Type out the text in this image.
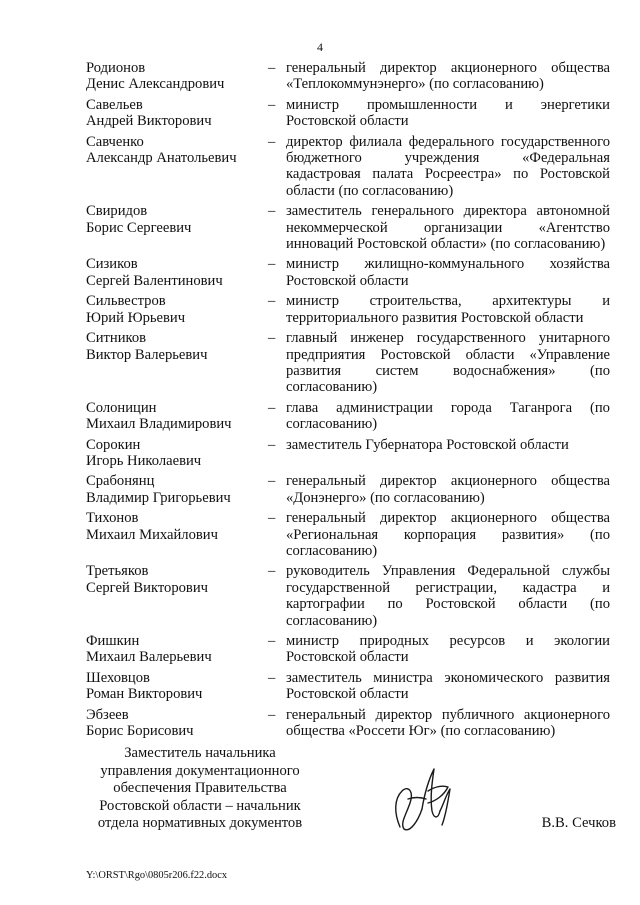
4
Родионов
Денис Александрович
– генеральный директор акционерного общества «Теплокоммунэнерго» (по согласованию)
Савельев
Андрей Викторович
– министр промышленности и энергетики Ростовской области
Савченко
Александр Анатольевич
– директор филиала федерального государственного бюджетного учреждения «Федеральная кадастровая палата Росреестра» по Ростовской области (по согласованию)
Свиридов
Борис Сергеевич
– заместитель генерального директора автономной некоммерческой организации «Агентство инноваций Ростовской области» (по согласованию)
Сизиков
Сергей Валентинович
– министр жилищно-коммунального хозяйства Ростовской области
Сильвестров
Юрий Юрьевич
– министр строительства, архитектуры и территориального развития Ростовской области
Ситников
Виктор Валерьевич
– главный инженер государственного унитарного предприятия Ростовской области «Управление развития систем водоснабжения» (по согласованию)
Солоницин
Михаил Владимирович
– глава администрации города Таганрога (по согласованию)
Сорокин
Игорь Николаевич
– заместитель Губернатора Ростовской области
Срабонянц
Владимир Григорьевич
– генеральный директор акционерного общества «Донэнерго» (по согласованию)
Тихонов
Михаил Михайлович
– генеральный директор акционерного общества «Региональная корпорация развития» (по согласованию)
Третьяков
Сергей Викторович
– руководитель Управления Федеральной службы государственной регистрации, кадастра и картографии по Ростовской области (по согласованию)
Фишкин
Михаил Валерьевич
– министр природных ресурсов и экологии Ростовской области
Шеховцов
Роман Викторович
– заместитель министра экономического развития Ростовской области
Эбзеев
Борис Борисович
– генеральный директор публичного акционерного общества «Россети Юг» (по согласованию)
Заместитель начальника
управления документационного
обеспечения Правительства
Ростовской области – начальник
отдела нормативных документов	В.В. Сечков
Y:\ORST\Rgo\0805r206.f22.docx
